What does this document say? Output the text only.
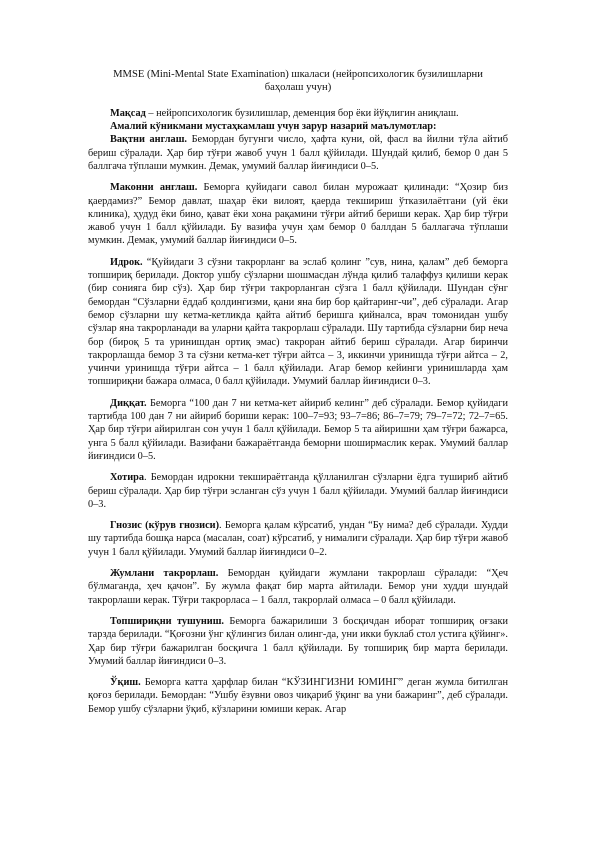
MMSE (Mini-Mental State Examination) шкаласи (нейропсихологик бузилишларни баҳолаш учун)

Мақсад – нейропсихологик бузилишлар, деменция бор ёки йўқлигин аниқлаш.

Амалий кўникмани мустаҳкамлаш учун зарур назарий маълумотлар:

Вақтни англаш. Бемордан бугунги число, ҳафта куни, ой, фасл ва йилни тўла айтиб бериш сўралади. Ҳар бир тўғри жавоб учун 1 балл қўйилади. Шундай қилиб, бемор 0 дан 5 баллгача тўплаши мумкин. Демак, умумий баллар йиғиндиси 0–5.

Маконни англаш. Беморга қуйидаги савол билан мурожаат қилинади: “Ҳозир биз қаердамиз?” Бемор давлат, шаҳар ёки вилоят, қаерда текшириш ўтказилаётгани (уй ёки клиника), ҳудуд ёки бино, қават ёки хона рақамини тўғри айтиб бериши керак. Ҳар бир тўғри жавоб учун 1 балл қўйилади. Бу вазифа учун ҳам бемор 0 баллдан 5 баллагача тўплаши мумкин. Демак, умумий баллар йиғиндиси 0–5.

Идрок. “Қуйидаги 3 сўзни такрорланг ва эслаб қолинг ”сув, нина, қалам” деб беморга топшириқ берилади. Доктор ушбу сўзларни шошмасдан лўнда қилиб талаффуз қилиши керак (бир сонияга бир сўз). Ҳар бир тўғри такрорланган сўзга 1 балл қўйилади. Шундан сўнг бемордан “Сўзларни ёддаб қолдингизми, қани яна бир бор қайтаринг-чи”, деб сўралади. Агар бемор сўзларни шу кетма-кетликда қайта айтиб беришга қийналса, врач томонидан ушбу сўзлар яна такрорланади ва уларни қайта такрорлаш сўралади. Шу тартибда сўзларни бир неча бор (бироқ 5 та уринишдан ортиқ эмас) такроран айтиб бериш сўралади. Агар биринчи такрорлашда бемор 3 та сўзни кетма-кет тўғри айтса – 3, иккинчи уринишда тўғри айтса – 2, учинчи уринишда тўғри айтса – 1 балл қўйилади. Агар бемор кейинги уринишларда ҳам топшириқни бажара олмаса, 0 балл қўйилади. Умумий баллар йиғиндиси 0–3.

Диққат. Беморга “100 дан 7 ни кетма-кет айириб келинг” деб сўралади. Бемор қуйидаги тартибда 100 дан 7 ни айириб бориши керак: 100–7=93; 93–7=86; 86–7=79; 79–7=72; 72–7=65. Ҳар бир тўғри айирилган сон учун 1 балл қўйилади. Бемор 5 та айиришни ҳам тўғри бажарса, унга 5 балл қўйилади. Вазифани бажараётганда беморни шоширмаслик керак. Умумий баллар йиғиндиси 0–5.

Хотира. Бемордан идрокни текшираётганда қўлланилган сўзларни ёдга тушириб айтиб бериш сўралади. Ҳар бир тўғри эсланган сўз учун 1 балл қўйилади. Умумий баллар йиғиндиси 0–3.

Гнозис (кўрув гнозиси). Беморга қалам кўрсатиб, ундан “Бу нима? деб сўралади. Худди шу тартибда бошқа нарса (масалан, соат) кўрсатиб, у нималиги сўралади. Ҳар бир тўғри жавоб учун 1 балл қўйилади. Умумий баллар йиғиндиси 0–2.

Жумлани такрорлаш. Бемордан қуйидаги жумлани такрорлаш сўралади: “Ҳеч бўлмаганда, ҳеч қачон”. Бу жумла фақат бир марта айтилади. Бемор уни худди шундай такрорлаши керак. Тўғри такрорласа – 1 балл, такрорлай олмаса – 0 балл қўйилади.

Топшириқни тушуниш. Беморга бажарилиши 3 босқичдан иборат топшириқ оғзаки тарзда берилади. “Қоғозни ўнг қўлингиз билан олинг-да, уни икки буклаб стол устига қўйинг». Ҳар бир тўғри бажарилган босқичга 1 балл қўйилади. Бу топшириқ бир марта берилади. Умумий баллар йиғиндиси 0–3.

Ўқиш. Беморга катта ҳарфлар билан “КЎЗИНГИЗНИ ЮМИНГ” деган жумла битилган қоғоз берилади. Бемордан: “Ушбу ёзувни овоз чиқариб ўқинг ва уни бажаринг”, деб сўралади. Бемор ушбу сўзларни ўқиб, кўзларини юмиши керак. Агар
